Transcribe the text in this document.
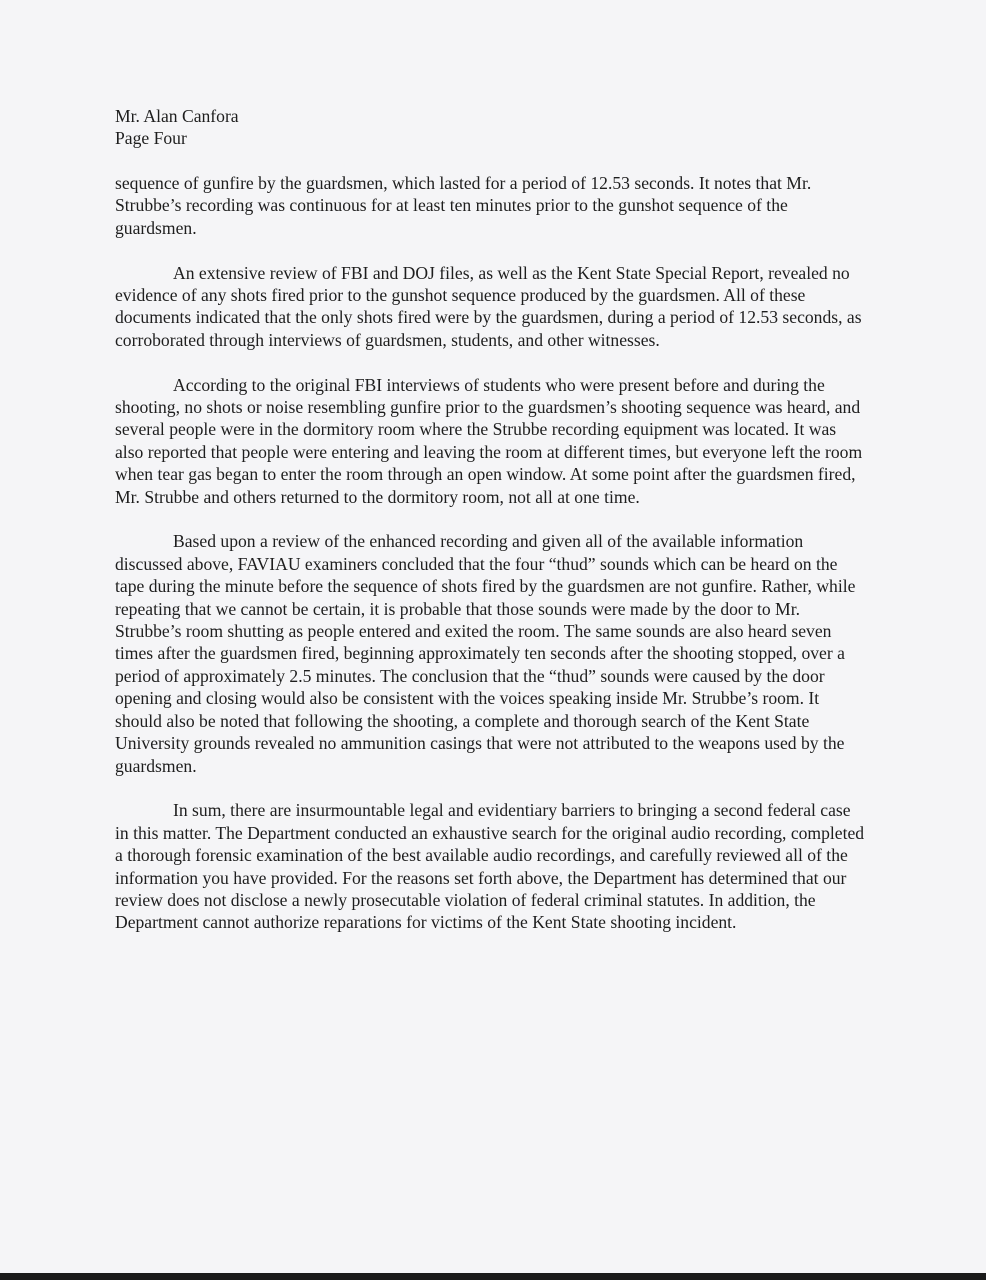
Mr. Alan Canfora
Page Four

sequence of gunfire by the guardsmen, which lasted for a period of 12.53 seconds. It notes that Mr. Strubbe’s recording was continuous for at least ten minutes prior to the gunshot sequence of the guardsmen.

An extensive review of FBI and DOJ files, as well as the Kent State Special Report, revealed no evidence of any shots fired prior to the gunshot sequence produced by the guardsmen. All of these documents indicated that the only shots fired were by the guardsmen, during a period of 12.53 seconds, as corroborated through interviews of guardsmen, students, and other witnesses.

According to the original FBI interviews of students who were present before and during the shooting, no shots or noise resembling gunfire prior to the guardsmen’s shooting sequence was heard, and several people were in the dormitory room where the Strubbe recording equipment was located. It was also reported that people were entering and leaving the room at different times, but everyone left the room when tear gas began to enter the room through an open window. At some point after the guardsmen fired, Mr. Strubbe and others returned to the dormitory room, not all at one time.

Based upon a review of the enhanced recording and given all of the available information discussed above, FAVIAU examiners concluded that the four “thud” sounds which can be heard on the tape during the minute before the sequence of shots fired by the guardsmen are not gunfire. Rather, while repeating that we cannot be certain, it is probable that those sounds were made by the door to Mr. Strubbe’s room shutting as people entered and exited the room. The same sounds are also heard seven times after the guardsmen fired, beginning approximately ten seconds after the shooting stopped, over a period of approximately 2.5 minutes. The conclusion that the “thud” sounds were caused by the door opening and closing would also be consistent with the voices speaking inside Mr. Strubbe’s room. It should also be noted that following the shooting, a complete and thorough search of the Kent State University grounds revealed no ammunition casings that were not attributed to the weapons used by the guardsmen.

In sum, there are insurmountable legal and evidentiary barriers to bringing a second federal case in this matter. The Department conducted an exhaustive search for the original audio recording, completed a thorough forensic examination of the best available audio recordings, and carefully reviewed all of the information you have provided. For the reasons set forth above, the Department has determined that our review does not disclose a newly prosecutable violation of federal criminal statutes. In addition, the Department cannot authorize reparations for victims of the Kent State shooting incident.
